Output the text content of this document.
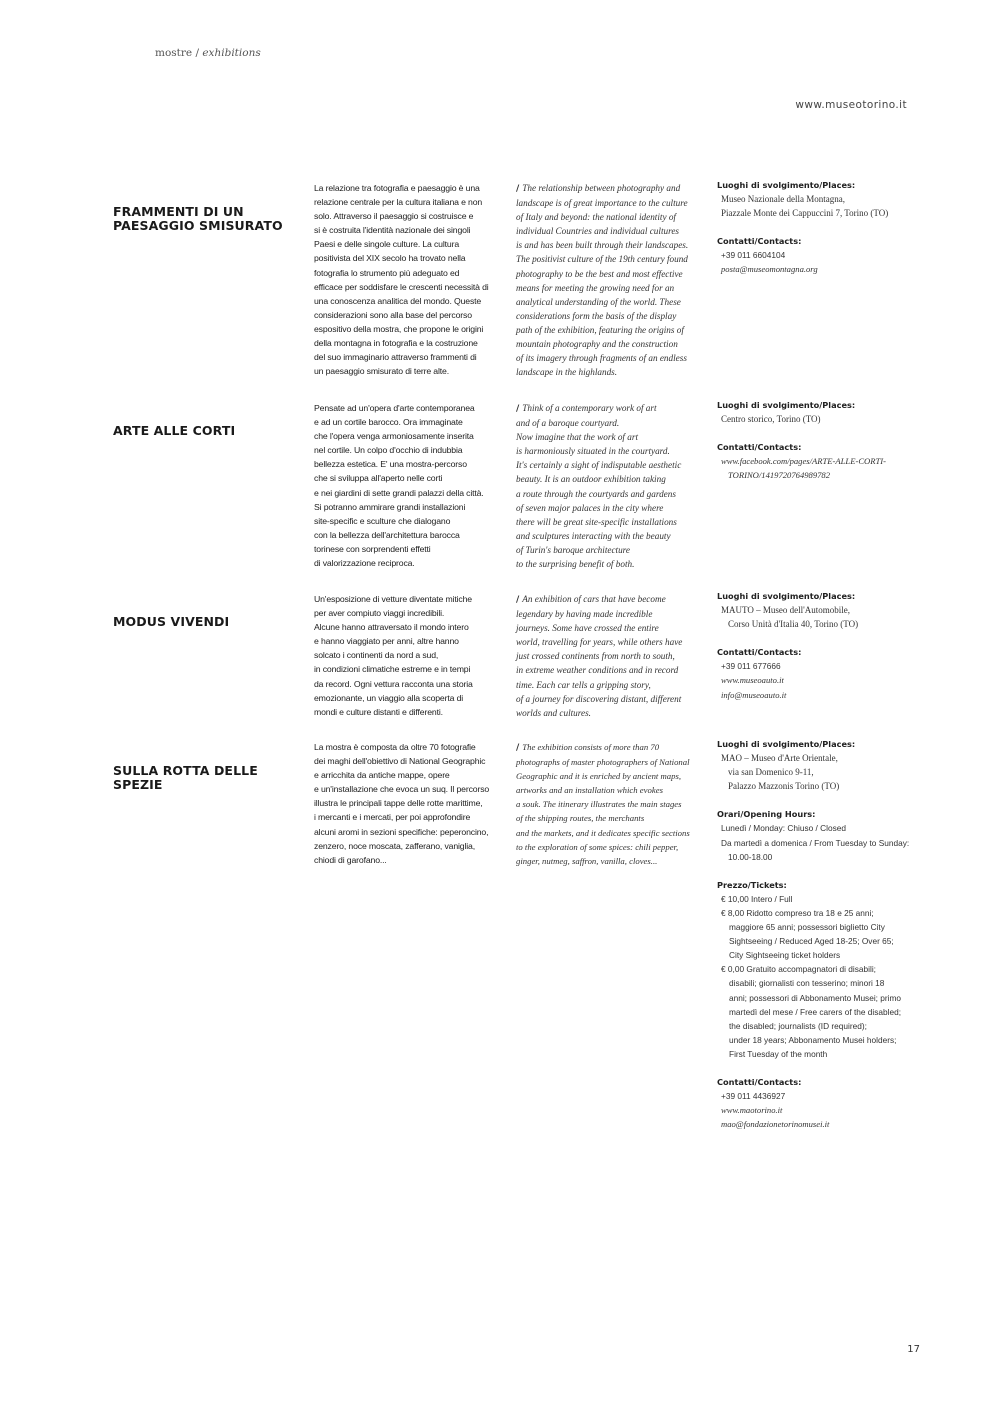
mostre / exhibitions
www.museotorino.it
FRAMMENTI DI UN
PAESAGGIO SMISURATO
La relazione tra fotografia e paesaggio è una
relazione centrale per la cultura italiana e non
solo. Attraverso il paesaggio si costruisce e
si è costruita l'identità nazionale dei singoli
Paesi e delle singole culture. La cultura
positivista del XIX secolo ha trovato nella
fotografia lo strumento più adeguato ed
efficace per soddisfare le crescenti necessità di
una conoscenza analitica del mondo. Queste
considerazioni sono alla base del percorso
espositivo della mostra, che propone le origini
della montagna in fotografia e la costruzione
del suo immaginario attraverso frammenti di
un paesaggio smisurato di terre alte.
/ The relationship between photography and
landscape is of great importance to the culture
of Italy and beyond: the national identity of
individual Countries and individual cultures
is and has been built through their landscapes.
The positivist culture of the 19th century found
photography to be the best and most effective
means for meeting the growing need for an
analytical understanding of the world. These
considerations form the basis of the display
path of the exhibition, featuring the origins of
mountain photography and the construction
of its imagery through fragments of an endless
landscape in the highlands.
Luoghi di svolgimento/Places:
Museo Nazionale della Montagna,
Piazzale Monte dei Cappuccini 7, Torino (TO)
Contatti/Contacts:
+39 011 6604104
posta@museomontagna.org
ARTE ALLE CORTI
Pensate ad un'opera d'arte contemporanea
e ad un cortile barocco. Ora immaginate
che l'opera venga armoniosamente inserita
nel cortile. Un colpo d'occhio di indubbia
bellezza estetica. E' una mostra-percorso
che si sviluppa all'aperto nelle corti
e nei giardini di sette grandi palazzi della città.
Si potranno ammirare grandi installazioni
site-specific e sculture che dialogano
con la bellezza dell'architettura barocca
torinese con sorprendenti effetti
di valorizzazione reciproca.
/ Think of a contemporary work of art
and of a baroque courtyard.
Now imagine that the work of art
is harmoniously situated in the courtyard.
It's certainly a sight of indisputable aesthetic
beauty. It is an outdoor exhibition taking
a route through the courtyards and gardens
of seven major palaces in the city where
there will be great site-specific installations
and sculptures interacting with the beauty
of Turin's baroque architecture
to the surprising benefit of both.
Luoghi di svolgimento/Places:
Centro storico, Torino (TO)
Contatti/Contacts:
www.facebook.com/pages/ARTE-ALLE-CORTI-
TORINO/1419720764989782
MODUS VIVENDI
Un'esposizione di vetture diventate mitiche
per aver compiuto viaggi incredibili.
Alcune hanno attraversato il mondo intero
e hanno viaggiato per anni, altre hanno
solcato i continenti da nord a sud,
in condizioni climatiche estreme e in tempi
da record. Ogni vettura racconta una storia
emozionante, un viaggio alla scoperta di
mondi e culture distanti e differenti.
/ An exhibition of cars that have become
legendary by having made incredible
journeys. Some have crossed the entire
world, travelling for years, while others have
just crossed continents from north to south,
in extreme weather conditions and in record
time. Each car tells a gripping story,
of a journey for discovering distant, different
worlds and cultures.
Luoghi di svolgimento/Places:
MAUTO – Museo dell'Automobile,
Corso Unità d'Italia 40, Torino (TO)
Contatti/Contacts:
+39 011 677666
www.museoauto.it
info@museoauto.it
SULLA ROTTA DELLE SPEZIE
La mostra è composta da oltre 70 fotografie
dei maghi dell'obiettivo di National Geographic
e arricchita da antiche mappe, opere
e un'installazione che evoca un suq. Il percorso
illustra le principali tappe delle rotte marittime,
i mercanti e i mercati, per poi approfondire
alcuni aromi in sezioni specifiche: peperoncino,
zenzero, noce moscata, zafferano, vaniglia,
chiodi di garofano...
/ The exhibition consists of more than 70
photographs of master photographers of National
Geographic and it is enriched by ancient maps,
artworks and an installation which evokes
a souk. The itinerary illustrates the main stages
of the shipping routes, the merchants
and the markets, and it dedicates specific sections
to the exploration of some spices: chili pepper,
ginger, nutmeg, saffron, vanilla, cloves...
Luoghi di svolgimento/Places:
MAO – Museo d'Arte Orientale,
via san Domenico 9-11,
Palazzo Mazzonis Torino (TO)
Orari/Opening Hours:
Lunedì / Monday: Chiuso / Closed
Da martedì a domenica / From Tuesday to Sunday:
10.00-18.00
Prezzo/Tickets:
€ 10,00 Intero / Full
€ 8,00 Ridotto compreso tra 18 e 25 anni;
maggiore 65 anni; possessori biglietto City
Sightseeing / Reduced Aged 18-25; Over 65;
City Sightseeing ticket holders
€ 0,00 Gratuito accompagnatori di disabili;
disabili; giornalisti con tesserino; minori 18
anni; possessori di Abbonamento Musei; primo
martedì del mese / Free carers of the disabled;
the disabled; journalists (ID required);
under 18 years; Abbonamento Musei holders;
First Tuesday of the month
Contatti/Contacts:
+39 011 4436927
www.maotorino.it
mao@fondazionetorinomusei.it
17
